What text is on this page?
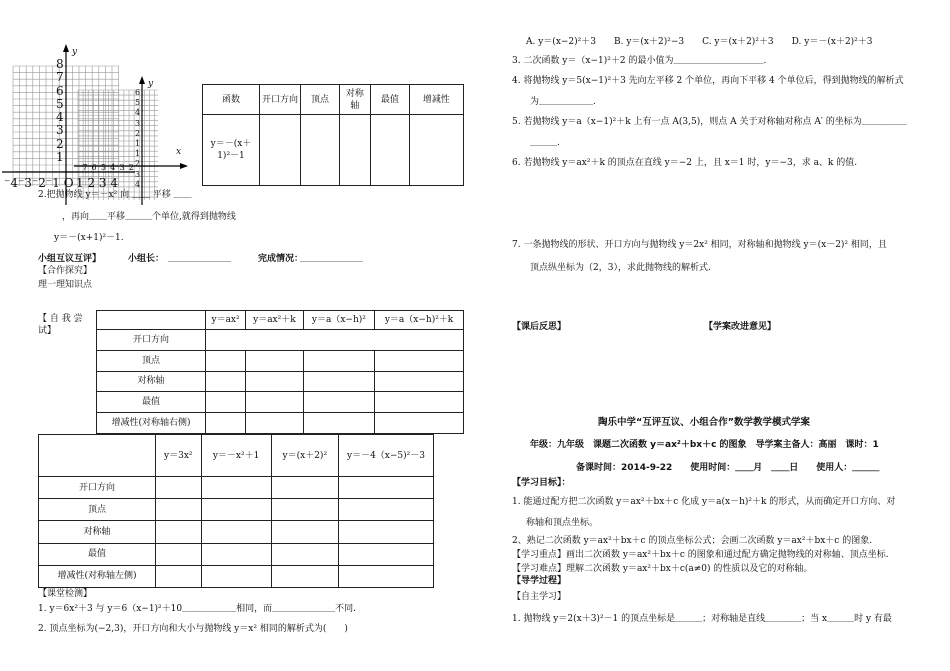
y
y
x
8
7
6
5
4
3
2
1
6
5
4
3
2
1
1
2
3
4
⁻4⁻3⁻2⁻1 O 1 2 3 4
⁻7⁻6⁻5⁻4⁻3⁻2
函数	开口方向	顶点	对称轴	最值	增减性
y＝－(x＋1)²－1					
2.把抛物线 y＝－x² 向 ＿＿ 平移 ＿＿
，再向＿＿平移＿＿＿个单位,就得到抛物线
y＝－(x+1)²－1.
小组互议互评】	小组长： ＿＿＿＿＿＿＿	完成情况：
＿＿＿＿＿＿＿
【合作探究】
理一理知识点
【 自 我 尝 试】
	y＝ax²	y＝ax²＋k	y＝a（x−h)²	y＝a（x−h)²＋k
开口方向				
顶点				
对称轴				
最值				
增减性(对称轴右侧)				
	y＝3x²	y＝－x²＋1	y＝(x＋2)²	y＝－4（x−5)²－3
开口方向				
顶点				
对称轴				
最值				
增减性(对称轴左侧)				
【课堂检测】
1. y＝6x²＋3 与 y＝6（x−1)²＋10＿＿＿＿＿＿相同，而＿＿＿＿＿＿＿不同.
2. 顶点坐标为(−2,3)，开口方向和大小与抛物线 y＝x² 相同的解析式为(　　)
A. y＝(x−2)²＋3　　B. y＝(x＋2)²−3　　C. y＝(x＋2)²＋3　　D. y＝－(x＋2)²＋3
3. 二次函数 y＝（x−1)²＋2 的最小值为＿＿＿＿＿＿＿＿＿＿.
4. 将抛物线 y＝5(x−1)²＋3 先向左平移 2 个单位，再向下平移 4 个单位后，得到抛物线的解析式
为＿＿＿＿＿＿.
5. 若抛物线 y＝a（x−1)²＋k 上有一点 A(3,5)，则点 A 关于对称轴对称点 A′ 的坐标为＿＿＿＿＿
＿＿＿.
6. 若抛物线 y＝ax²＋k 的顶点在直线 y＝−2 上，且 x＝1 时，y＝−3，求 a、k 的值.
7. 一条抛物线的形状、开口方向与抛物线 y＝2x² 相同，对称轴和抛物线 y＝(x－2)² 相同，且
顶点纵坐标为（2，3），求此抛物线的解析式.
【课后反思】	【学案改进意见】
陶乐中学“互评互议、小组合作”数学教学模式学案
年级：九年级　课题二次函数 y＝ax²＋bx＋c 的图象　导学案主备人：高丽　课时：1
备课时间：2014-9-22　　使用时间：＿＿月　＿＿日　　使用人：＿＿＿
【学习目标】：
1. 能通过配方把二次函数 y＝ax²＋bx＋c 化成 y＝a(x－h)²＋k 的形式，从而确定开口方向、对
称轴和顶点坐标。
2、熟记二次函数 y＝ax²＋bx＋c 的顶点坐标公式；会画二次函数 y＝ax²＋bx＋c 的图象.
【学习重点】画出二次函数 y＝ax²＋bx＋c 的图象和通过配方确定抛物线的对称轴、顶点坐标.
【学习难点】理解二次函数 y＝ax²＋bx＋c(a≠0) 的性质以及它的对称轴。
【导学过程】
【自主学习】
1. 抛物线 y＝2(x＋3)²－1 的顶点坐标是＿＿＿；对称轴是直线＿＿＿＿；当 x＿＿＿时 y 有最
